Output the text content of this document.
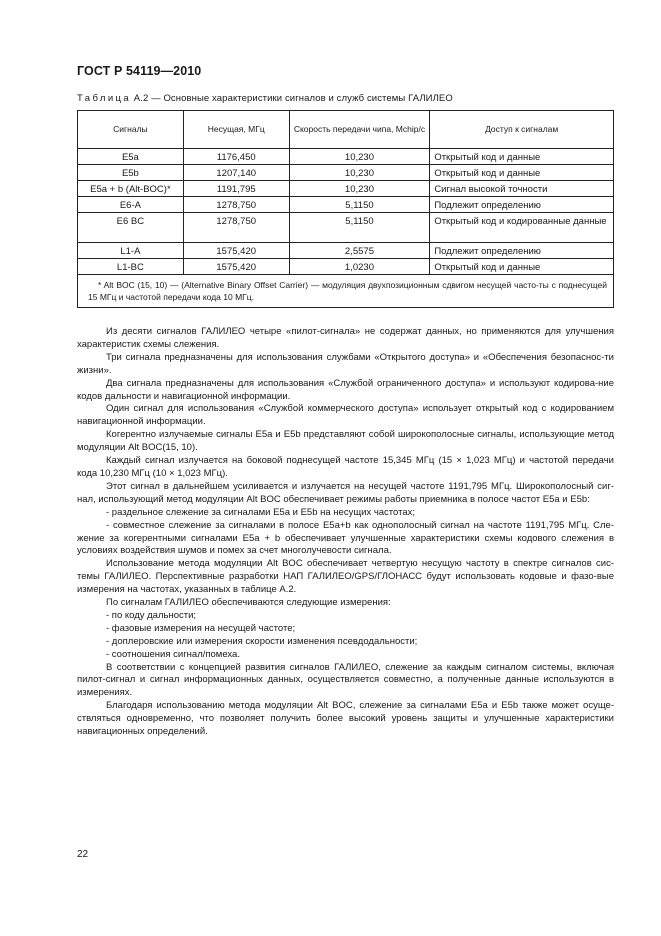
ГОСТ Р 54119—2010
Таблица А.2 — Основные характеристики сигналов и служб системы ГАЛИЛЕО
Сигналы	Несущая, МГц	Скорость передачи чипа, Mchip/c	Доступ к сигналам
E5a	1176,450	10,230	Открытый код и данные
E5b	1207,140	10,230	Открытый код и данные
E5a + b (Alt-BOC)*	1191,795	10,230	Сигнал высокой точности
E6-A	1278,750	5,1150	Подлежит определению
E6 BC	1278,750	5,1150	Открытый код и кодированные данные
L1-A	1575,420	2,5575	Подлежит определению
L1-BC	1575,420	1,0230	Открытый код и данные
* Alt BOC (15, 10) — (Alternative Binary Offset Carrier) — модуляция двухпозиционным сдвигом несущей часто-ты с поднесущей 15 МГц и частотой передачи кода 10 МГц.			

Из десяти сигналов ГАЛИЛЕО четыре «пилот-сигнала» не содержат данных, но применяются для улучшения характеристик схемы слежения.

Три сигнала предназначены для использования службами «Открытого доступа» и «Обеспечения безопаснос-ти жизни».

Два сигнала предназначены для использования «Службой ограниченного доступа» и используют кодирова-ние кодов дальности и навигационной информации.

Один сигнал для использования «Службой коммерческого доступа» использует открытый код с кодированием навигационной информации.

Когерентно излучаемые сигналы E5a и E5b представляют собой широкополосные сигналы, использующие метод модуляции Alt BOC(15, 10).

Каждый сигнал излучается на боковой поднесущей частоте 15,345 МГц (15 × 1,023 МГц) и частотой передачи кода 10,230 МГц (10 × 1,023 МГц).

Этот сигнал в дальнейшем усиливается и излучается на несущей частоте 1191,795 МГц. Широкополосный сиг-нал, использующий метод модуляции Alt BOC обеспечивает режимы работы приемника в полосе частот E5a и E5b:

- раздельное слежение за сигналами E5a и E5b на несущих частотах;

- совместное слежение за сигналами в полосе E5a+b как однополосный сигнал на частоте 1191,795 МГц. Сле-жение за когерентными сигналами E5a + b обеспечивает улучшенные характеристики схемы кодового слежения в условиях воздействия шумов и помех за счет многолучевости сигнала.

Использование метода модуляции Alt BOC обеспечивает четвертую несущую частоту в спектре сигналов сис-темы ГАЛИЛЕО. Перспективные разработки НАП ГАЛИЛЕО/GPS/ГЛОНАСС будут использовать кодовые и фазо-вые измерения на частотах, указанных в таблице А.2.

По сигналам ГАЛИЛЕО обеспечиваются следующие измерения:

- по коду дальности;

- фазовые измерения на несущей частоте;

- доплеровские или измерения скорости изменения псевдодальности;

- соотношения сигнал/помеха.

В соответствии с концепцией развития сигналов ГАЛИЛЕО, слежение за каждым сигналом системы, включая пилот-сигнал и сигнал информационных данных, осуществляется совместно, а полученные данные используются в измерениях.

Благодаря использованию метода модуляции Alt BOC, слежение за сигналами E5a и E5b также может осуще-ствляться одновременно, что позволяет получить более высокий уровень защиты и улучшенные характеристики навигационных определений.

22
